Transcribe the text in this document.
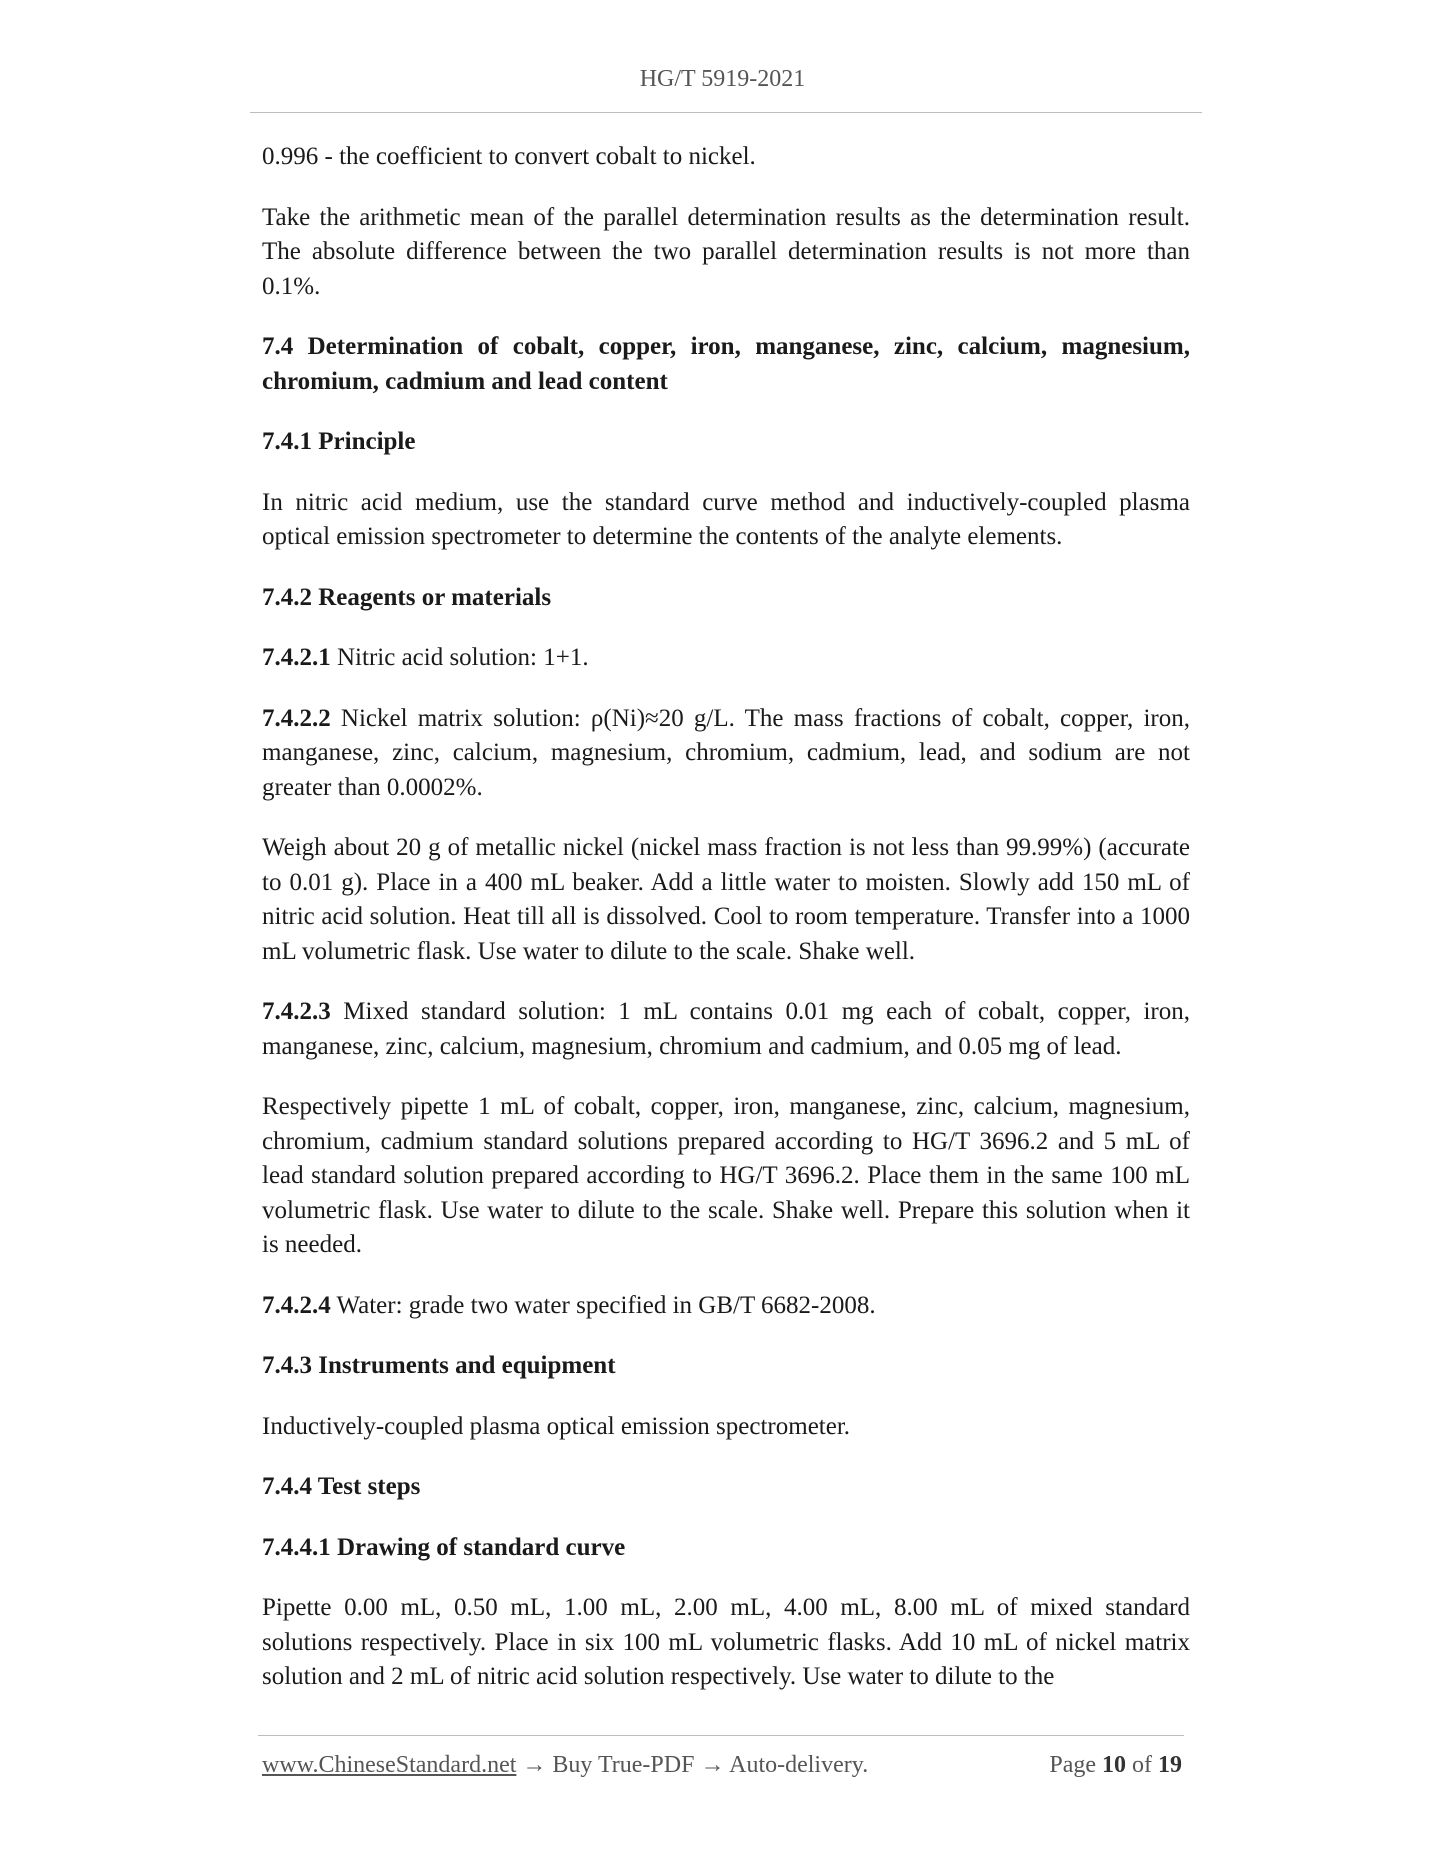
HG/T 5919-2021

0.996 - the coefficient to convert cobalt to nickel.

Take the arithmetic mean of the parallel determination results as the determination result. The absolute difference between the two parallel determination results is not more than 0.1%.

7.4 Determination of cobalt, copper, iron, manganese, zinc, calcium, magnesium, chromium, cadmium and lead content

7.4.1 Principle

In nitric acid medium, use the standard curve method and inductively-coupled plasma optical emission spectrometer to determine the contents of the analyte elements.

7.4.2 Reagents or materials

7.4.2.1 Nitric acid solution: 1+1.

7.4.2.2 Nickel matrix solution: ρ(Ni)≈20 g/L. The mass fractions of cobalt, copper, iron, manganese, zinc, calcium, magnesium, chromium, cadmium, lead, and sodium are not greater than 0.0002%.

Weigh about 20 g of metallic nickel (nickel mass fraction is not less than 99.99%) (accurate to 0.01 g). Place in a 400 mL beaker. Add a little water to moisten. Slowly add 150 mL of nitric acid solution. Heat till all is dissolved. Cool to room temperature. Transfer into a 1000 mL volumetric flask. Use water to dilute to the scale. Shake well.

7.4.2.3 Mixed standard solution: 1 mL contains 0.01 mg each of cobalt, copper, iron, manganese, zinc, calcium, magnesium, chromium and cadmium, and 0.05 mg of lead.

Respectively pipette 1 mL of cobalt, copper, iron, manganese, zinc, calcium, magnesium, chromium, cadmium standard solutions prepared according to HG/T 3696.2 and 5 mL of lead standard solution prepared according to HG/T 3696.2. Place them in the same 100 mL volumetric flask. Use water to dilute to the scale. Shake well. Prepare this solution when it is needed.

7.4.2.4 Water: grade two water specified in GB/T 6682-2008.

7.4.3 Instruments and equipment

Inductively-coupled plasma optical emission spectrometer.

7.4.4 Test steps

7.4.4.1 Drawing of standard curve

Pipette 0.00 mL, 0.50 mL, 1.00 mL, 2.00 mL, 4.00 mL, 8.00 mL of mixed standard solutions respectively. Place in six 100 mL volumetric flasks. Add 10 mL of nickel matrix solution and 2 mL of nitric acid solution respectively. Use water to dilute to the

www.ChineseStandard.net → Buy True-PDF → Auto-delivery.	Page 10 of 19
